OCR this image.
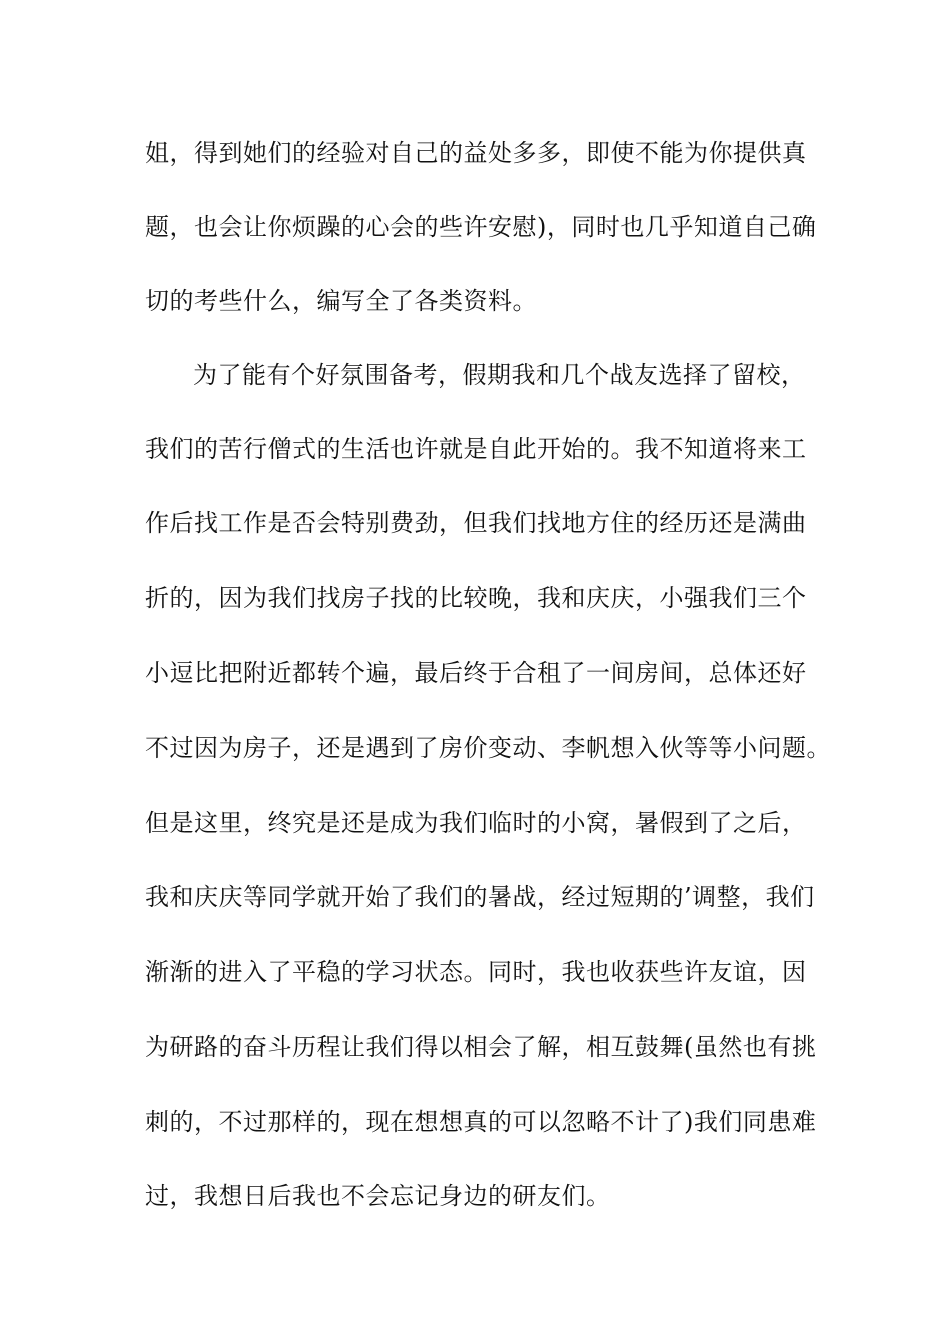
姐，得到她们的经验对自己的益处多多，即使不能为你提供真
题，也会让你烦躁的心会的些许安慰)，同时也几乎知道自己确
切的考些什么，编写全了各类资料。
为了能有个好氛围备考，假期我和几个战友选择了留校，
我们的苦行僧式的生活也许就是自此开始的。我不知道将来工
作后找工作是否会特别费劲，但我们找地方住的经历还是满曲
折的，因为我们找房子找的比较晚，我和庆庆，小强我们三个
小逗比把附近都转个遍，最后终于合租了一间房间，总体还好
不过因为房子，还是遇到了房价变动、李帆想入伙等等小问题。
但是这里，终究是还是成为我们临时的小窝，暑假到了之后，
我和庆庆等同学就开始了我们的暑战，经过短期的’调整，我们
渐渐的进入了平稳的学习状态。同时，我也收获些许友谊，因
为研路的奋斗历程让我们得以相会了解，相互鼓舞(虽然也有挑
刺的，不过那样的，现在想想真的可以忽略不计了)我们同患难
过，我想日后我也不会忘记身边的研友们。
